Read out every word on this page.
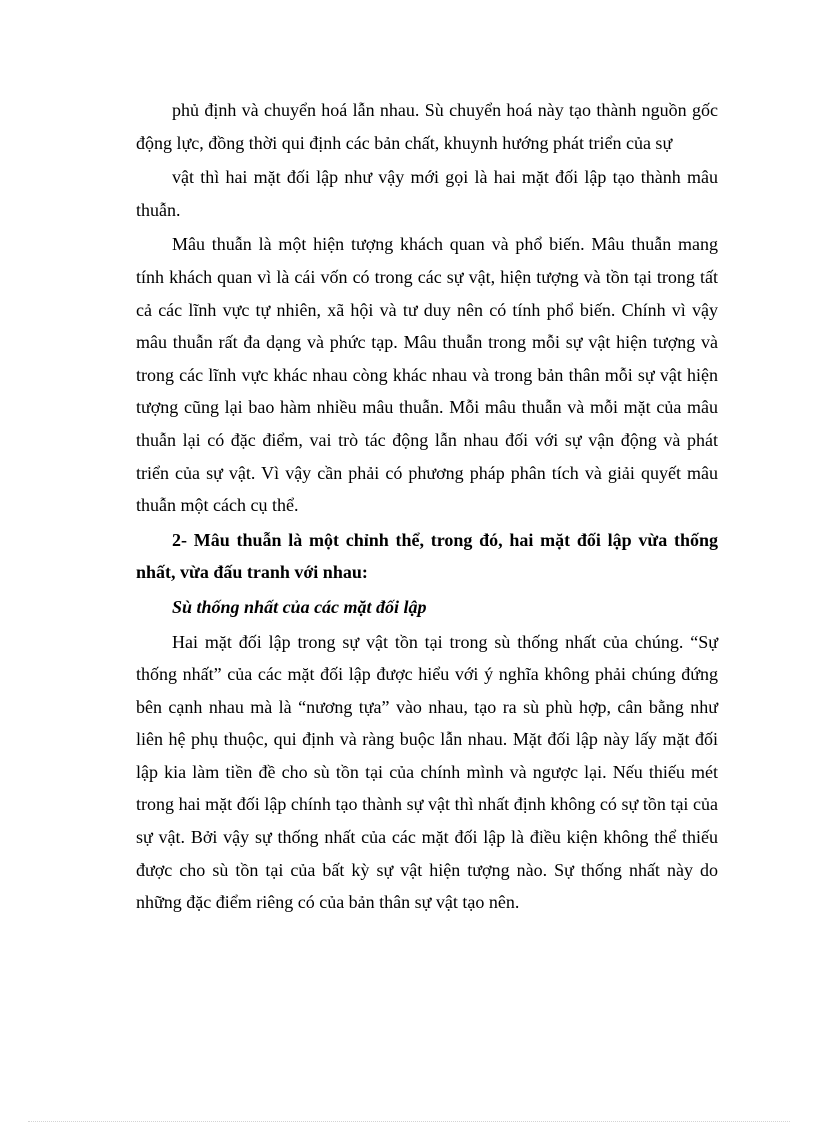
phủ định và chuyển hoá lẫn nhau. Sù chuyển hoá này tạo thành nguồn gốc động lực, đồng thời qui định các bản chất, khuynh hướng phát triển của sự

vật thì hai mặt đối lập như vậy mới gọi là hai mặt đối lập tạo thành mâu thuẫn.

Mâu thuẫn là một hiện tượng khách quan và phổ biến. Mâu thuẫn mang tính khách quan vì là cái vốn có trong các sự vật, hiện tượng và tồn tại trong tất cả các lĩnh vực tự nhiên, xã hội và tư duy nên có tính phổ biến. Chính vì vậy mâu thuẫn rất đa dạng và phức tạp. Mâu thuẫn trong mỗi sự vật hiện tượng và trong các lĩnh vực khác nhau còng khác nhau và trong bản thân mỗi sự vật hiện tượng cũng lại bao hàm nhiều mâu thuẫn. Mỗi mâu thuẫn và mỗi mặt của mâu thuẫn lại có đặc điểm, vai trò tác động lẫn nhau đối với sự vận động và phát triển của sự vật. Vì vậy cần phải có phương pháp phân tích và giải quyết mâu thuẫn một cách cụ thể.

2- Mâu thuẫn là một chỉnh thể, trong đó, hai mặt đối lập vừa thống nhất, vừa đấu tranh với nhau:

Sù thống nhất của các mặt đối lập

Hai mặt đối lập trong sự vật tồn tại trong sù thống nhất của chúng. “Sự thống nhất” của các mặt đối lập được hiểu với ý nghĩa không phải chúng đứng bên cạnh nhau mà là “nương tựa” vào nhau, tạo ra sù phù hợp, cân bằng như liên hệ phụ thuộc, qui định và ràng buộc lẫn nhau. Mặt đối lập này lấy mặt đối lập kia làm tiền đề cho sù tồn tại của chính mình và ngược lại. Nếu thiếu mét trong hai mặt đối lập chính tạo thành sự vật thì nhất định không có sự tồn tại của sự vật. Bởi vậy sự thống nhất của các mặt đối lập là điều kiện không thể thiếu được cho sù tồn tại của bất kỳ sự vật hiện tượng nào. Sự thống nhất này do những đặc điểm riêng có của bản thân sự vật tạo nên.
